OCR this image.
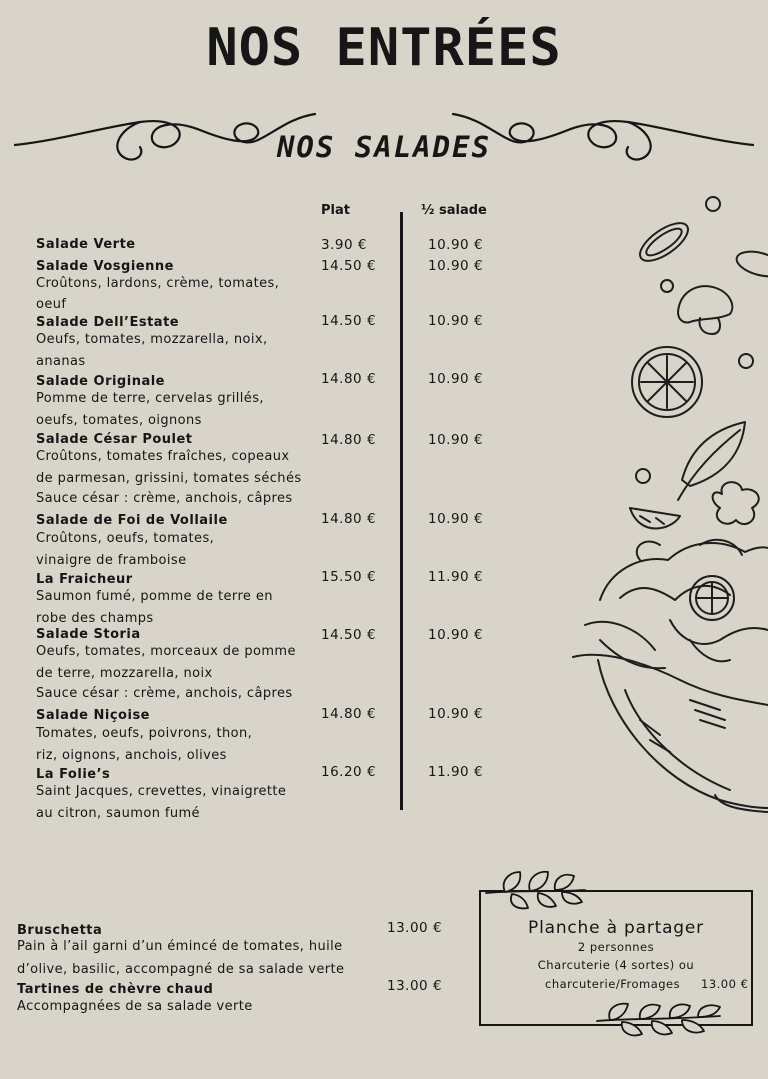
NOS ENTRÉES
NOS SALADES
Plat	½ salade
Salade Verte	3.90 €	10.90 €
Salade Vosgienne
Croûtons, lardons, crème, tomates,
oeuf
14.50 €	10.90 €
Salade Dell’Estate
Oeufs, tomates, mozzarella, noix,
ananas
14.50 €	10.90 €
Salade Originale
Pomme de terre, cervelas grillés,
oeufs, tomates, oignons
14.80 €	10.90 €
Salade César Poulet
Croûtons, tomates fraîches, copeaux
de parmesan, grissini, tomates séchés
Sauce césar : crème, anchois, câpres
14.80 €	10.90 €
Salade de Foi de Vollaile
Croûtons, oeufs, tomates,
vinaigre de framboise
14.80 €	10.90 €
La Fraicheur
Saumon fumé, pomme de terre en
robe des champs
15.50 €	11.90 €
Salade Storia
Oeufs, tomates, morceaux de pomme
de terre, mozzarella, noix
Sauce césar : crème, anchois, câpres
14.50 €	10.90 €
Salade Niçoise
Tomates, oeufs, poivrons, thon,
riz, oignons, anchois, olives
14.80 €	10.90 €
La Folie’s
Saint Jacques, crevettes, vinaigrette
au citron, saumon fumé
16.20 €	11.90 €
Bruschetta
Pain à l’ail garni d’un émincé de tomates, huile
d’olive, basilic, accompagné de sa salade verte
13.00 €
Tartines de chèvre chaud
Accompagnées de sa salade verte
13.00 €
Planche à partager
2 personnes
Charcuterie (4 sortes) ou
charcuterie/Fromages 13.00 €
